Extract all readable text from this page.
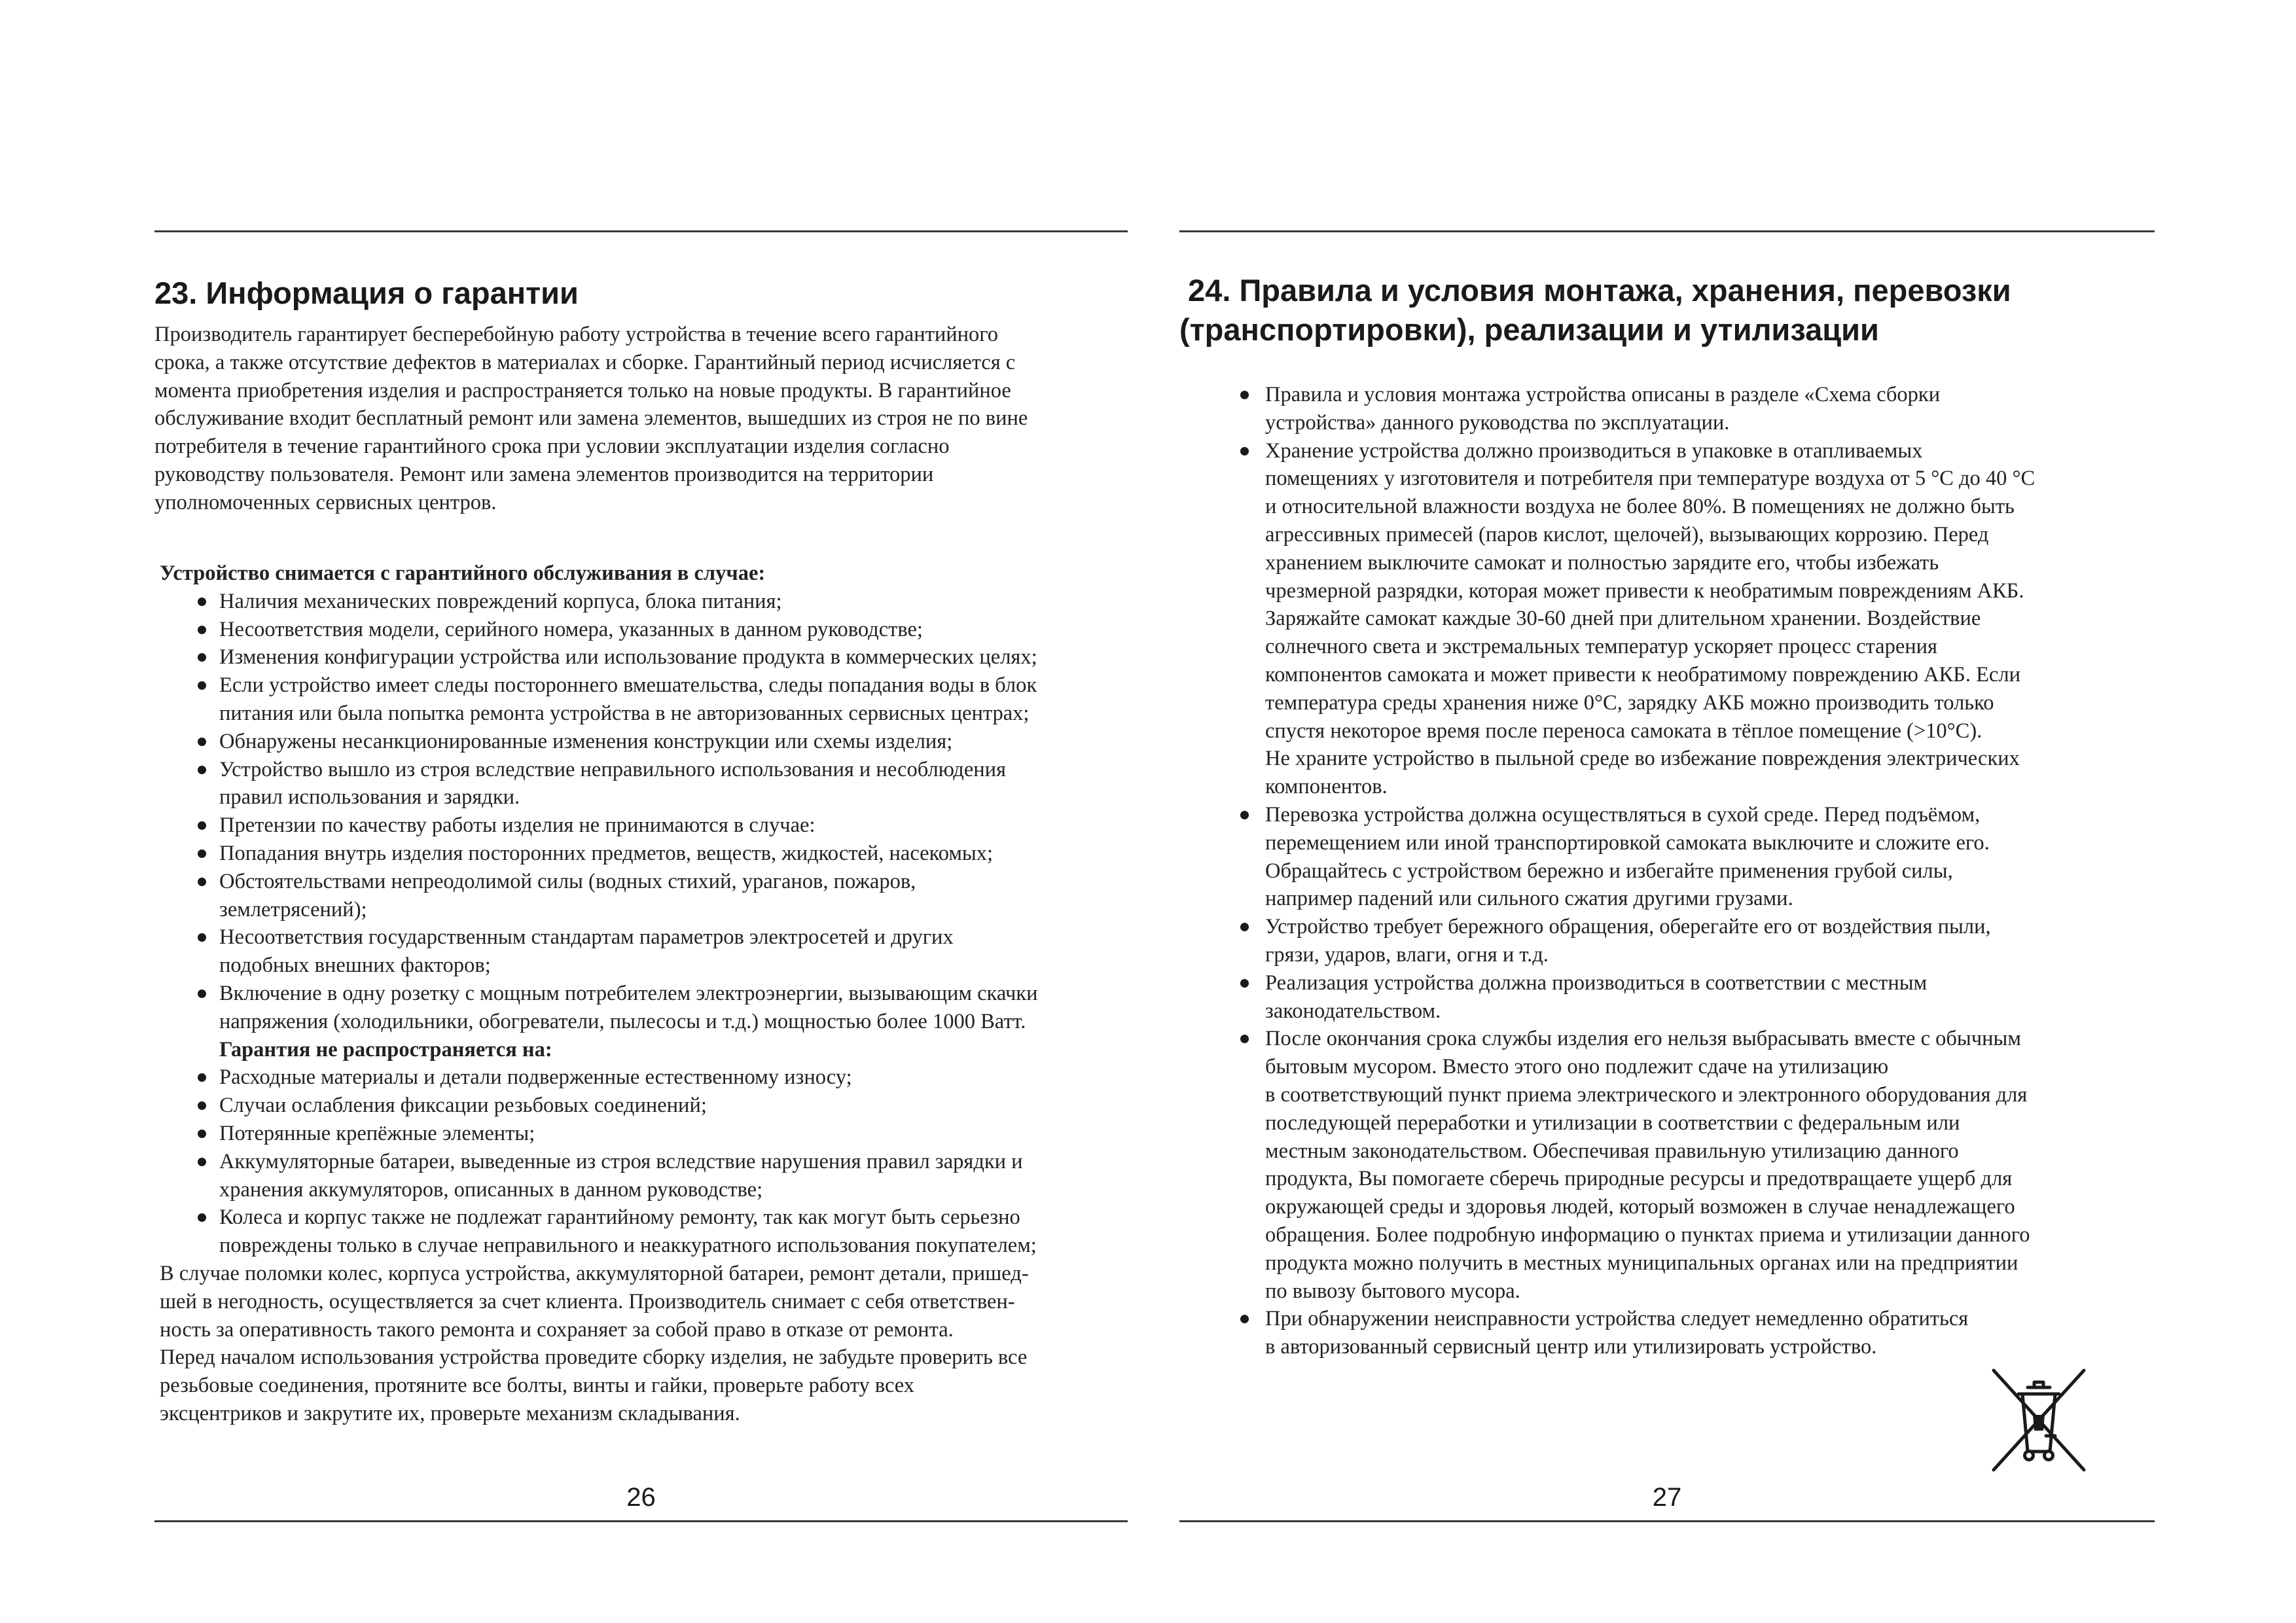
23. Информация о гарантии
Производитель гарантирует бесперебойную работу устройства в течение всего гарантийного
срока, а также отсутствие дефектов в материалах и сборке. Гарантийный период исчисляется с
момента приобретения изделия и распространяется только на новые продукты. В гарантийное
обслуживание входит бесплатный ремонт или замена элементов, вышедших из строя не по вине
потребителя в течение гарантийного срока при условии эксплуатации изделия согласно
руководству пользователя. Ремонт или замена элементов производится на территории
уполномоченных сервисных центров.
Устройство снимается с гарантийного обслуживания в случае:
Наличия механических повреждений корпуса, блока питания;
Несоответствия модели, серийного номера, указанных в данном руководстве;
Изменения конфигурации устройства или использование продукта в коммерческих целях;
Если устройство имеет следы постороннего вмешательства, следы попадания воды в блок
питания или была попытка ремонта устройства в не авторизованных сервисных центрах;
Обнаружены несанкционированные изменения конструкции или схемы изделия;
Устройство вышло из строя вследствие неправильного использования и несоблюдения
правил использования и зарядки.
Претензии по качеству работы изделия не принимаются в случае:
Попадания внутрь изделия посторонних предметов, веществ, жидкостей, насекомых;
Обстоятельствами непреодолимой силы (водных стихий, ураганов, пожаров,
землетрясений);
Несоответствия государственным стандартам параметров электросетей и других
подобных внешних факторов;
Включение в одну розетку с мощным потребителем электроэнергии, вызывающим скачки
напряжения (холодильники, обогреватели, пылесосы и т.д.) мощностью более 1000 Ватт.
Гарантия не распространяется на:
Расходные материалы и детали подверженные естественному износу;
Случаи ослабления фиксации резьбовых соединений;
Потерянные крепёжные элементы;
Аккумуляторные батареи, выведенные из строя вследствие нарушения правил зарядки и
хранения аккумуляторов, описанных в данном руководстве;
Колеса и корпус также не подлежат гарантийному ремонту, так как могут быть серьезно
повреждены только в случае неправильного и неаккуратного использования покупателем;
В случае поломки колес, корпуса устройства, аккумуляторной батареи, ремонт детали, пришед-
шей в негодность, осуществляется за счет клиента. Производитель снимает с себя ответствен-
ность за оперативность такого ремонта и сохраняет за собой право в отказе от ремонта.
Перед началом использования устройства проведите сборку изделия, не забудьте проверить все
резьбовые соединения, протяните все болты, винты и гайки, проверьте работу всех
эксцентриков и закрутите их, проверьте механизм складывания.
26
24. Правила и условия монтажа, хранения, перевозки
(транспортировки), реализации и утилизации
Правила и условия монтажа устройства описаны в разделе «Схема сборки
устройства» данного руководства по эксплуатации.
Хранение устройства должно производиться в упаковке в отапливаемых
помещениях у изготовителя и потребителя при температуре воздуха от 5 °С до 40 °С
и относительной влажности воздуха не более 80%. В помещениях не должно быть
агрессивных примесей (паров кислот, щелочей), вызывающих коррозию. Перед
хранением выключите самокат и полностью зарядите его, чтобы избежать
чрезмерной разрядки, которая может привести к необратимым повреждениям АКБ.
Заряжайте самокат каждые 30-60 дней при длительном хранении. Воздействие
солнечного света и экстремальных температур ускоряет процесс старения
компонентов самоката и может привести к необратимому повреждению АКБ. Если
температура среды хранения ниже 0°С, зарядку АКБ можно производить только
спустя некоторое время после переноса самоката в тёплое помещение (>10°С).
Не храните устройство в пыльной среде во избежание повреждения электрических
компонентов.
Перевозка устройства должна осуществляться в сухой среде. Перед подъёмом,
перемещением или иной транспортировкой самоката выключите и сложите его.
Обращайтесь с устройством бережно и избегайте применения грубой силы,
например падений или сильного сжатия другими грузами.
Устройство требует бережного обращения, оберегайте его от воздействия пыли,
грязи, ударов, влаги, огня и т.д.
Реализация устройства должна производиться в соответствии с местным
законодательством.
После окончания срока службы изделия его нельзя выбрасывать вместе с обычным
бытовым мусором. Вместо этого оно подлежит сдаче на утилизацию
в соответствующий пункт приема электрического и электронного оборудования для
последующей переработки и утилизации в соответствии с федеральным или
местным законодательством. Обеспечивая правильную утилизацию данного
продукта, Вы помогаете сберечь природные ресурсы и предотвращаете ущерб для
окружающей среды и здоровья людей, который возможен в случае ненадлежащего
обращения. Более подробную информацию о пунктах приема и утилизации данного
продукта можно получить в местных муниципальных органах или на предприятии
по вывозу бытового мусора.
При обнаружении неисправности устройства следует немедленно обратиться
в авторизованный сервисный центр или утилизировать устройство.
27
